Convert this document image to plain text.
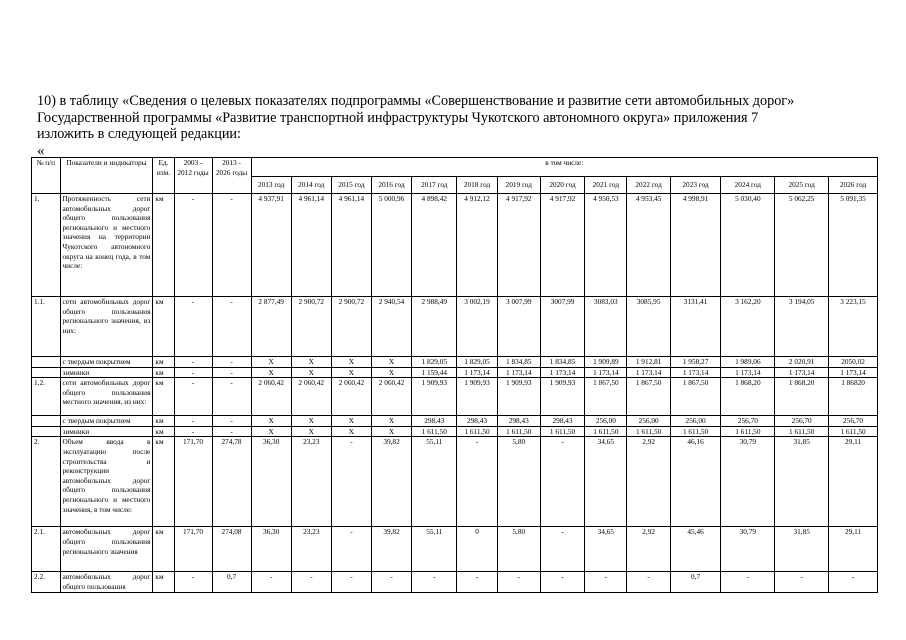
10) в таблицу «Сведения о целевых показателях подпрограммы «Совершенствование и развитие сети автомобильных дорог»
Государственной программы «Развитие транспортной инфраструктуры Чукотского автономного округа» приложения 7
изложить в следующей редакции:
«
№ п/п	Показатели и индикаторы	Ед. изм.	2003 - 2012 годы	2013 - 2026 годы	в том числе:													
					2013 год	2014 год	2015 год	2016 год	2017 год	2018 год	2019 год	2020 год	2021 год	2022 год	2023 год	2024 год	2025 год	2026 год
1.	Протяженность сети автомобильных дорог общего пользования регионального и местного значения на территории Чукотского автономного округа на конец года, в том числе:	км	-	-	4 937,91	4 961,14	4 961,14	5 000,96	4 898,42	4 912,12	4 917,92	4 917,92	4 950,53	4 953,45	4 998,91	5 030,40	5 062,25	5 091,35
1.1.	сети автомобильных дорог общего пользования регионального значения, из них:	км	-	-	2 877,49	2 900,72	2 900,72	2 940,54	2 988,49	3 002,19	3 007,99	3007,99	3083,03	3085,95	3131,41	3 162,20	3 194,05	3 223,15
	с твердым покрытием	км	-	-	X	X	X	X	1 829,05	1 829,05	1 834,85	1 834,85	1 909,89	1 912,81	1 958,27	1 989,06	2 020,91	2050,02
	зимники	км	-	-	X	X	X	X	1 159,44	1 173,14	1 173,14	1 173,14	1 173,14	1 173,14	1 173,14	1 173,14	1 173,14	1 173,14
1.2.	сети автомобильных дорог общего пользования местного значения, из них:	км	-	-	2 060,42	2 060,42	2 060,42	2 060,42	1 909,93	1 909,93	1 909,93	1 909,93	1 867,50	1 867,50	1 867,50	1 868,20	1 868,20	1 86820
	с твердым покрытием	км	-	-	X	X	X	X	298,43	298,43	298,43	298,43	256,00	256,00	256,00	256,70	256,70	256,70
	зимники	км	-	-	X	X	X	X	1 611,50	1 611,50	1 611,50	1 611,50	1 611,50	1 611,50	1 611,50	1 611,50	1 611,50	1 611,50
2.	Объем ввода в эксплуатацию после строительства и реконструкции автомобильных дорог общего пользования регионального и местного значения, в том числе:	км	171,70	274,78	36,30	23,23	-	39,82	55,11	-	5,80	-	34,65	2,92	46,16	30,79	31,85	29,11
2.1.	автомобильных дорог общего пользования регионального значения	км	171,70	274,08	36,30	23,23	-	39,82	55,11	0	5,80	-	34,65	2,92	45,46	30,79	31,85	29,11
2.2.	автомобильных дорог общего пользования	км	-	0,7	-	-	-	-	-	-	-	-	-	-	0,7	-	-	-
